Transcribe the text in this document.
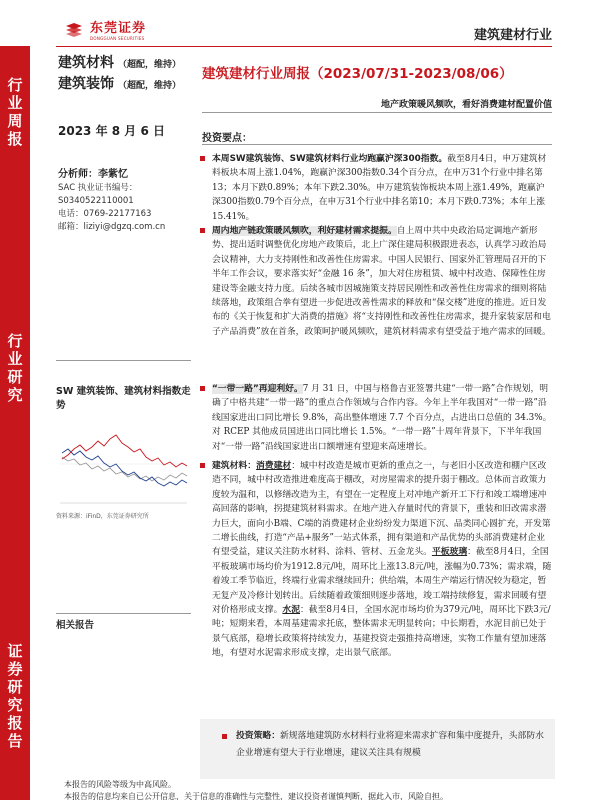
东莞证券
DONGGUAN SECURITIES	建筑建材行业
行
业
周
报
行
业
研
究
证
券
研
究
报
告
建筑材料 （超配，维持）
建筑装饰 （超配，维持）
建筑建材行业周报（2023/07/31-2023/08/06）
地产政策暖风频吹，看好消费建材配置价值
2023 年 8 月 6 日
分析师：李紫忆
SAC 执业证书编号：
S0340522110001
电话：0769-22177163
邮箱：liziyi@dgzq.com.cn
SW 建筑装饰、建筑材料指数走势
资料来源：iFinD，东莞证券研究所
相关报告
投资要点：
本周SW建筑装饰、SW建筑材料行业均跑赢沪深300指数。截至8月4日，申万建筑材料板块本周上涨1.04%，跑赢沪深300指数0.34个百分点，在申万31个行业中排名第13；本月下跌0.89%；本年下跌2.30%。申万建筑装饰板块本周上涨1.49%，跑赢沪深300指数0.79个百分点，在申万31个行业中排名第10；本月下跌0.73%；本年上涨15.41%。
周内地产链政策暖风频吹，利好建材需求提振。自上周中共中央政治局定调地产新形势、提出适时调整优化房地产政策后，北上广深住建局积极跟进表态，认真学习政治局会议精神，大力支持刚性和改善性住房需求。中国人民银行、国家外汇管理局召开的下半年工作会议，要求落实好“金融 16 条”，加大对住房租赁、城中村改造、保障性住房建设等金融支持力度。后续各城市因城施策支持居民刚性和改善性住房需求的细则将陆续落地，政策组合拳有望进一步促进改善性需求的释放和“保交楼”进度的推进。近日发布的《关于恢复和扩大消费的措施》将“支持刚性和改善性住房需求，提升家装家居和电子产品消费”放在首条，政策呵护暖风频吹，建筑材料需求有望受益于地产需求的回暖。
“一带一路”再迎利好。7 月 31 日，中国与格鲁吉亚签署共建“一带一路”合作规划，明确了中格共建“一带一路”的重点合作领域与合作内容。今年上半年我国对“一带一路”沿线国家进出口同比增长 9.8%，高出整体增速 7.7 个百分点，占进出口总值的 34.3%。对 RCEP 其他成员国进出口同比增长 1.5%。“一带一路”十周年背景下，下半年我国对“一带一路”沿线国家进出口额增速有望迎来高速增长。
建筑材料：消费建材：城中村改造是城市更新的重点之一，与老旧小区改造和棚户区改造不同，城中村改造推进难度高于棚改，对房屋需求的提升弱于棚改。总体而言政策力度较为温和，以修缮改造为主，有望在一定程度上对冲地产新开工下行和竣工端增速冲高回落的影响，拐提建筑材料需求。在地产进入存量时代的背景下，重装和旧改需求潜力巨大，面向小B端、C端的消费建材企业纷纷发力渠道下沉、品类同心圆扩充，开发第二增长曲线，打造“产品+服务”一站式体系，拥有渠道和产品优势的头部消费建材企业有望受益，建议关注防水材料、涂料、管材、五金龙头。平板玻璃：截至8月4日，全国平板玻璃市场均价为1912.8元/吨，周环比上涨13.8元/吨，涨幅为0.73%；需求端，随着竣工季节临近，终端行业需求继续回升；供给端，本周生产端运行情况较为稳定，暂无复产及冷修计划转出。后续随着政策细则逐步落地，竣工端持续修复，需求回暖有望对价格形成支撑。水泥：截至8月4日，全国水泥市场均价为379元/吨，周环比下跌3元/吨；短期来看，本周基建需求托底，整体需求无明显转向；中长期看，水泥目前已处于景气底部，稳增长政策将持续发力，基建投资走强推持高增速，实物工作量有望加速落地，有望对水泥需求形成支撑，走出景气底部。
投资策略：新规落地建筑防水材料行业将迎来需求扩容和集中度提升，头部防水企业增速有望大于行业增速，建议关注具有规模
本报告的风险等级为中高风险。
本报告的信息均来自已公开信息，关于信息的准确性与完整性，建议投资者谨慎判断，据此入市，风险自担。
